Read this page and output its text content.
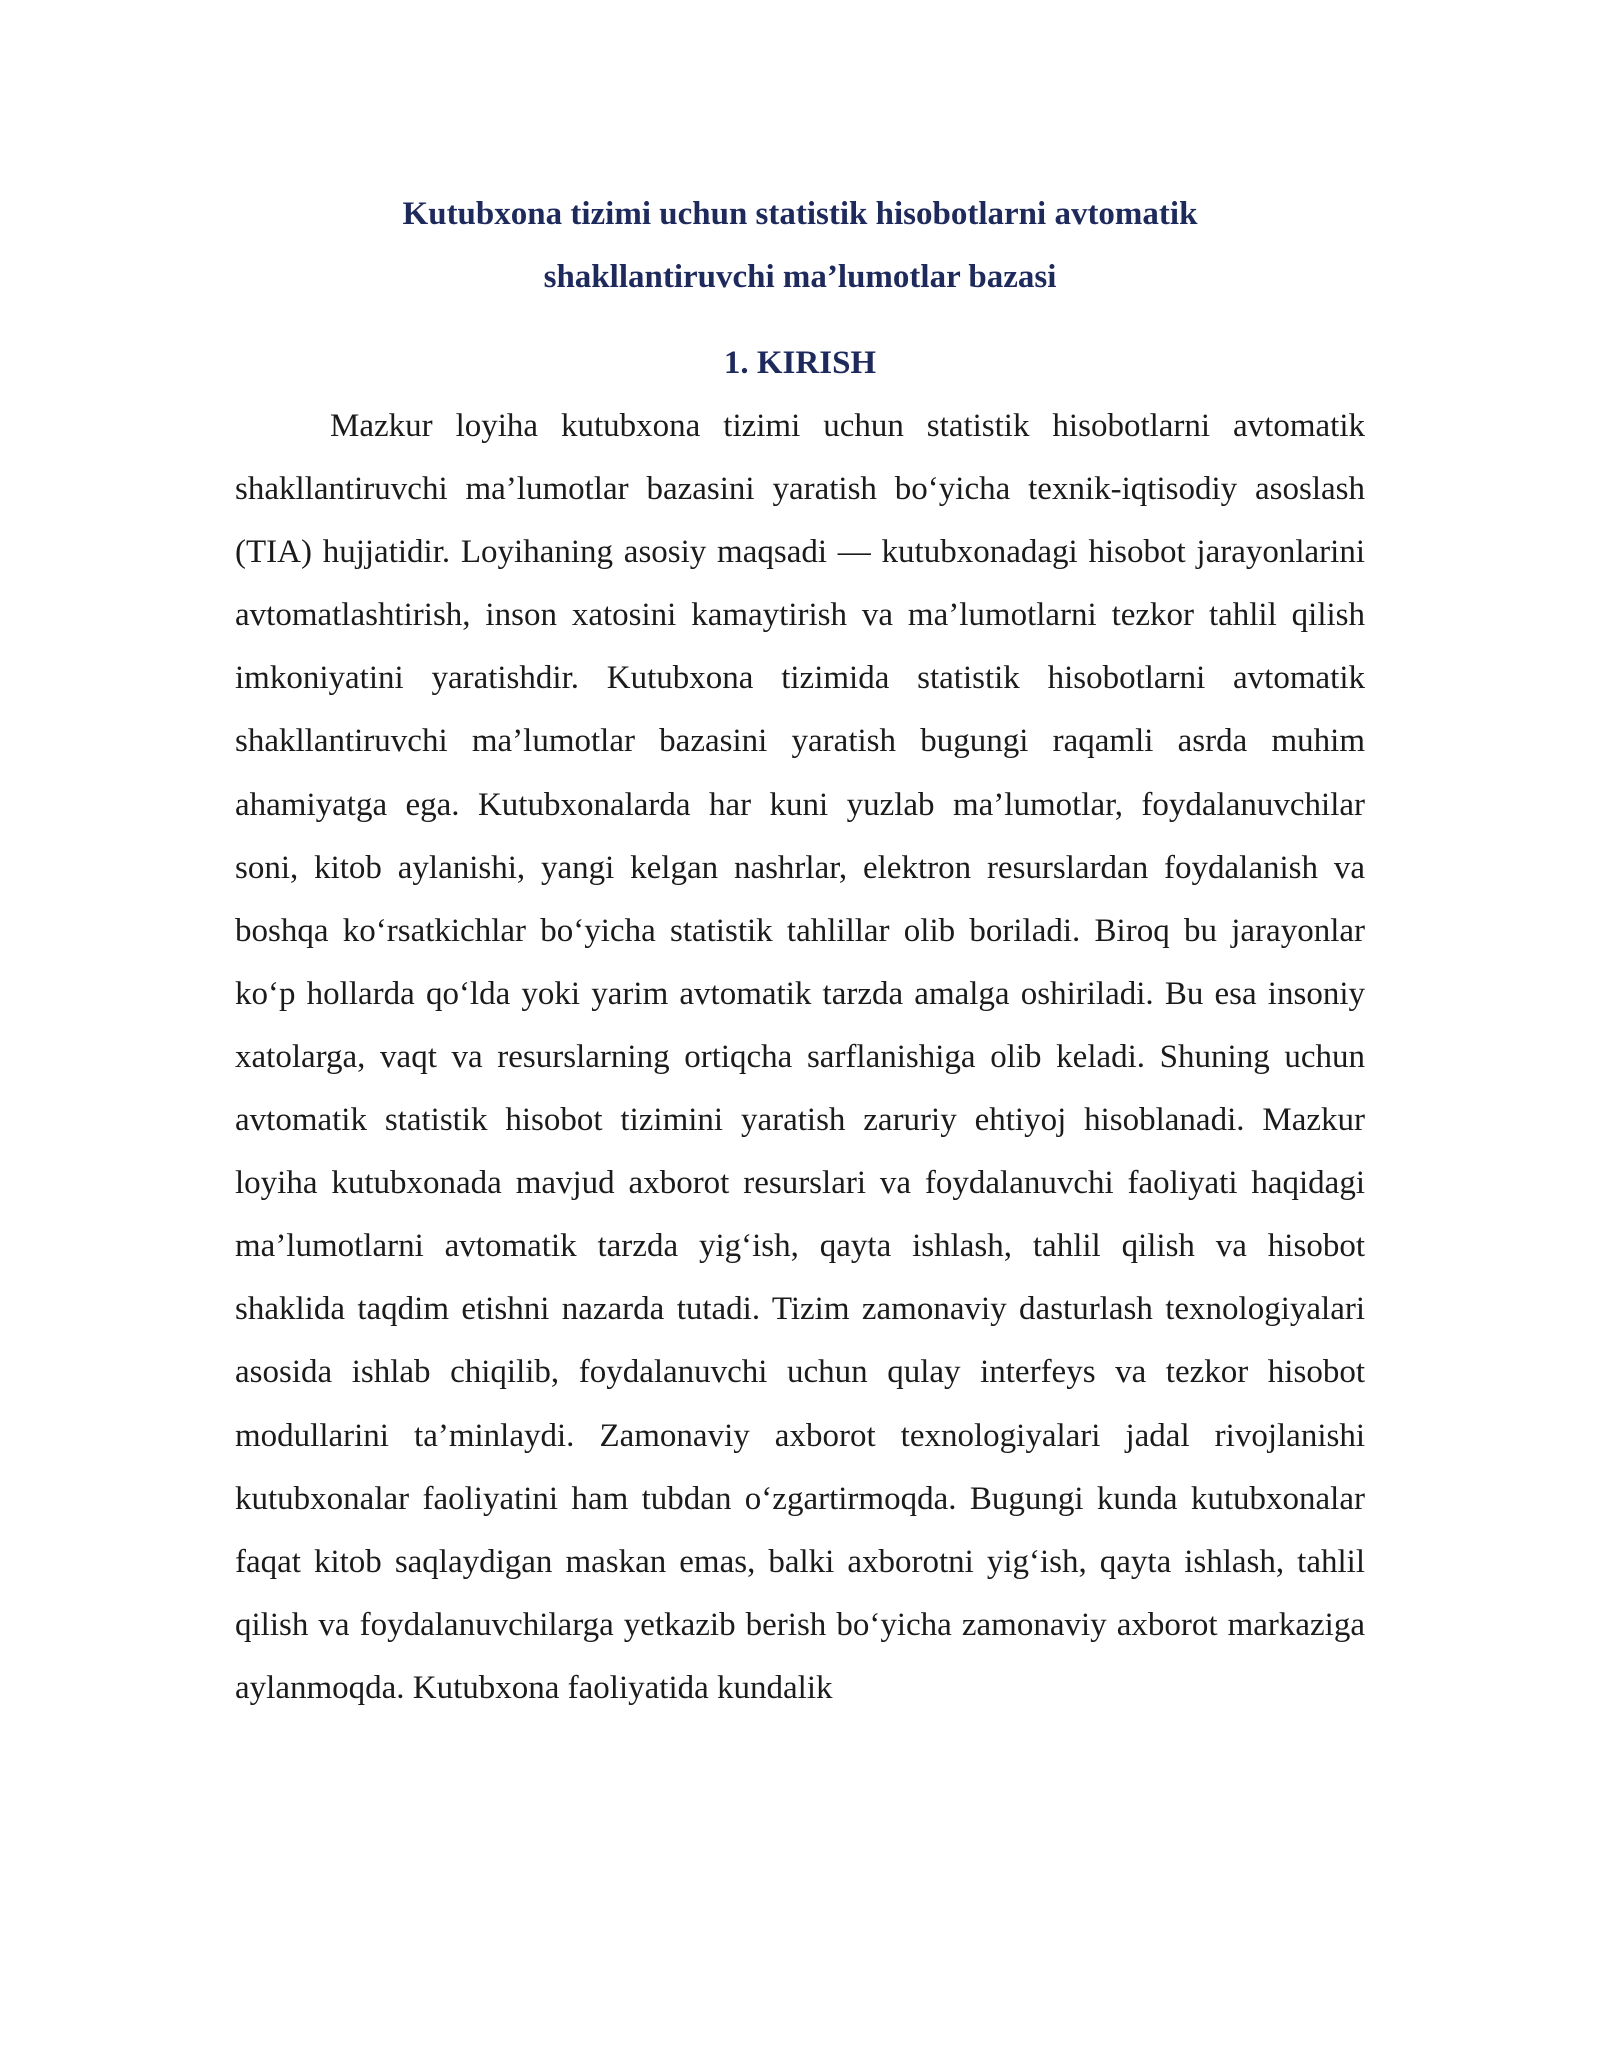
Kutubxona tizimi uchun statistik hisobotlarni avtomatik
shakllantiruvchi ma’lumotlar bazasi
1. KIRISH

Mazkur loyiha kutubxona tizimi uchun statistik hisobotlarni avtomatik shakllantiruvchi ma’lumotlar bazasini yaratish bo‘yicha texnik-iqtisodiy asoslash (TIA) hujjatidir. Loyihaning asosiy maqsadi — kutubxonadagi hisobot jarayonlarini avtomatlashtirish, inson xatosini kamaytirish va ma’lumotlarni tezkor tahlil qilish imkoniyatini yaratishdir. Kutubxona tizimida statistik hisobotlarni avtomatik shakllantiruvchi ma’lumotlar bazasini yaratish bugungi raqamli asrda muhim ahamiyatga ega. Kutubxonalarda har kuni yuzlab ma’lumotlar, foydalanuvchilar soni, kitob aylanishi, yangi kelgan nashrlar, elektron resurslardan foydalanish va boshqa ko‘rsatkichlar bo‘yicha statistik tahlillar olib boriladi. Biroq bu jarayonlar ko‘p hollarda qo‘lda yoki yarim avtomatik tarzda amalga oshiriladi. Bu esa insoniy xatolarga, vaqt va resurslarning ortiqcha sarflanishiga olib keladi. Shuning uchun avtomatik statistik hisobot tizimini yaratish zaruriy ehtiyoj hisoblanadi. Mazkur loyiha kutubxonada mavjud axborot resurslari va foydalanuvchi faoliyati haqidagi ma’lumotlarni avtomatik tarzda yig‘ish, qayta ishlash, tahlil qilish va hisobot shaklida taqdim etishni nazarda tutadi. Tizim zamonaviy dasturlash texnologiyalari asosida ishlab chiqilib, foydalanuvchi uchun qulay interfeys va tezkor hisobot modullarini ta’minlaydi. Zamonaviy axborot texnologiyalari jadal rivojlanishi kutubxonalar faoliyatini ham tubdan o‘zgartirmoqda. Bugungi kunda kutubxonalar faqat kitob saqlaydigan maskan emas, balki axborotni yig‘ish, qayta ishlash, tahlil qilish va foydalanuvchilarga yetkazib berish bo‘yicha zamonaviy axborot markaziga aylanmoqda. Kutubxona faoliyatida kundalik
